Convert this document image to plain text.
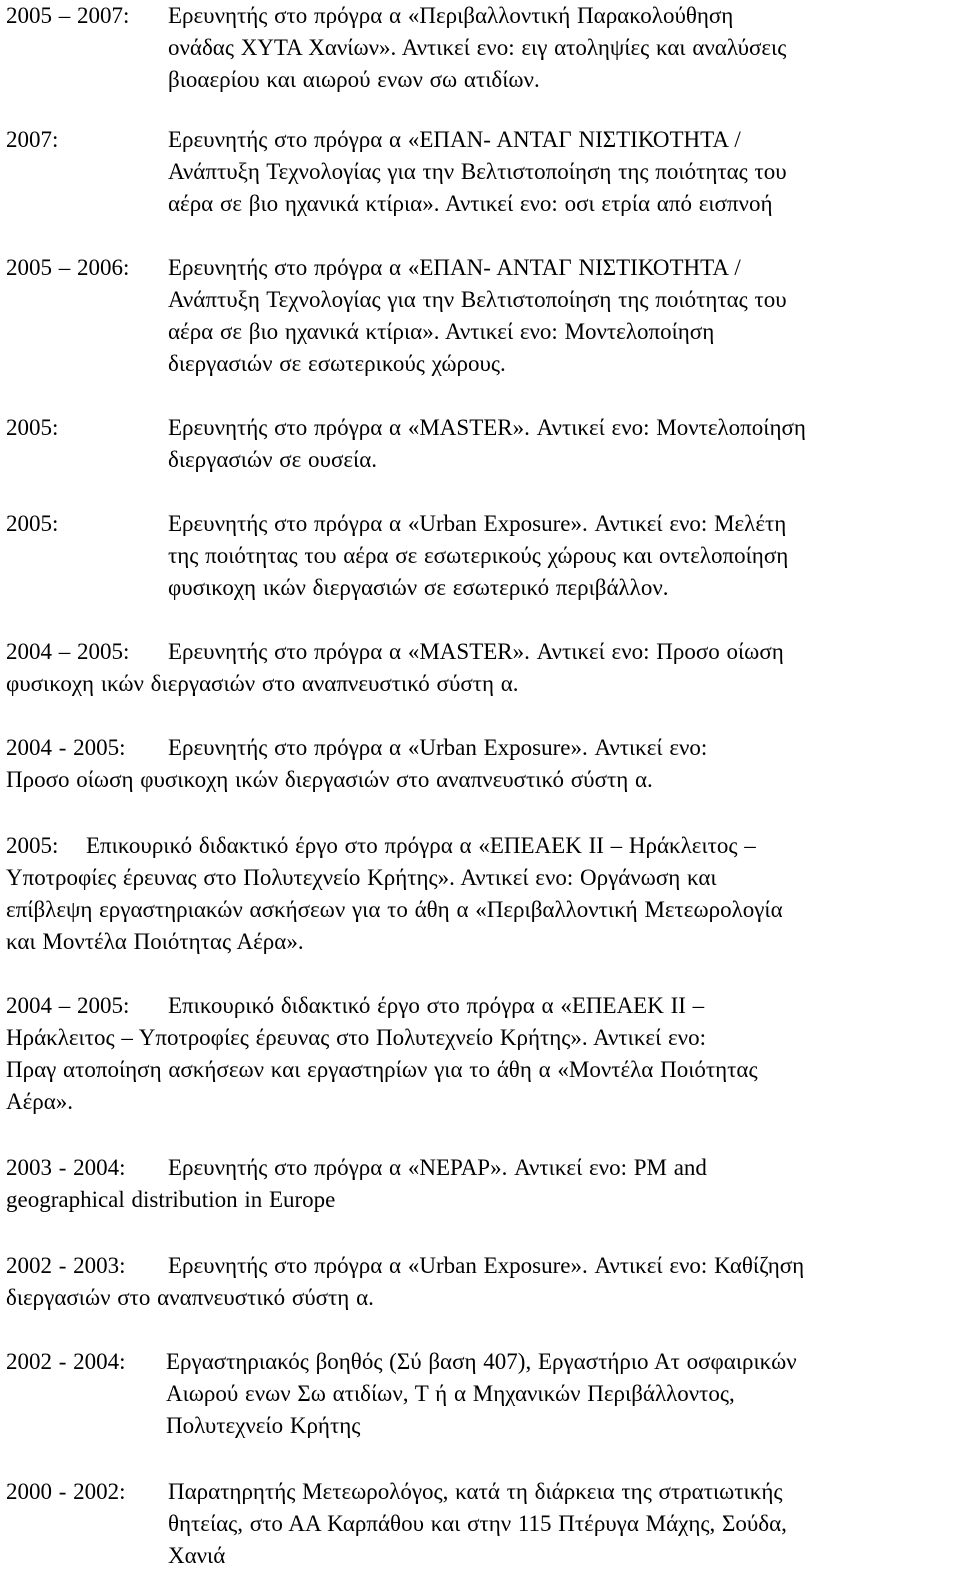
2005 – 2007: Ερευνητής στο πρόγρα α «Περιβαλλοντική Παρακολούθηση
ονάδας ΧΥΤΑ Χανίων». Αντικεί ενο: ειγ ατοληψίες και αναλύσεις
βιοαερίου και αιωρού ενων σω ατιδίων.
2007:	Ερευνητής στο πρόγρα α «ΕΠΑΝ- ΑΝΤΑΓ ΝΙΣΤΙΚΟΤΗΤΑ /
Ανάπτυξη Τεχνολογίας για την Βελτιστοποίηση της ποιότητας του
αέρα σε βιο ηχανικά κτίρια». Αντικεί ενο: οσι ετρία από εισπνοή
2005 – 2006: Ερευνητής στο πρόγρα α «ΕΠΑΝ- ΑΝΤΑΓ ΝΙΣΤΙΚΟΤΗΤΑ /
Ανάπτυξη Τεχνολογίας για την Βελτιστοποίηση της ποιότητας του
αέρα σε βιο ηχανικά κτίρια». Αντικεί ενο: Μοντελοποίηση
διεργασιών σε εσωτερικούς χώρους.
2005:	Ερευνητής στο πρόγρα α «MASTER». Αντικεί ενο: Μοντελοποίηση
διεργασιών σε ουσεία.
2005:	Ερευνητής στο πρόγρα α «Urban Exposure». Αντικεί ενο: Μελέτη
της ποιότητας του αέρα σε εσωτερικούς χώρους και οντελοποίηση
φυσικοχη ικών διεργασιών σε εσωτερικό περιβάλλον.
2004 – 2005: Ερευνητής στο πρόγρα α «MASTER». Αντικεί ενο: Προσο οίωση
φυσικοχη ικών διεργασιών στο αναπνευστικό σύστη α.
2004 - 2005: Ερευνητής στο πρόγρα α «Urban Exposure». Αντικεί ενο:
Προσο οίωση φυσικοχη ικών διεργασιών στο αναπνευστικό σύστη α.
2005: Επικουρικό διδακτικό έργο στο πρόγρα α «ΕΠΕΑΕΚ ΙΙ – Ηράκλειτος –
Υποτροφίες έρευνας στο Πολυτεχνείο Κρήτης». Αντικεί ενο: Οργάνωση και
επίβλεψη εργαστηριακών ασκήσεων για το άθη α «Περιβαλλοντική Μετεωρολογία
και Μοντέλα Ποιότητας Αέρα».
2004 – 2005: Επικουρικό διδακτικό έργο στο πρόγρα α «ΕΠΕΑΕΚ ΙΙ –
Ηράκλειτος – Υποτροφίες έρευνας στο Πολυτεχνείο Κρήτης». Αντικεί ενο:
Πραγ ατοποίηση ασκήσεων και εργαστηρίων για το άθη α «Μοντέλα Ποιότητας
Αέρα».
2003 - 2004: Ερευνητής στο πρόγρα α «NEPAP». Αντικεί ενο: PM and
geographical distribution in Europe
2002 - 2003: Ερευνητής στο πρόγρα α «Urban Exposure». Αντικεί ενο: Καθίζηση
διεργασιών στο αναπνευστικό σύστη α.
2002 - 2004: Εργαστηριακός βοηθός (Σύ βαση 407), Εργαστήριο Ατ οσφαιρικών
Αιωρού ενων Σω ατιδίων, Τ ή α Μηχανικών Περιβάλλοντος,
Πολυτεχνείο Κρήτης
2000 - 2002: Παρατηρητής Μετεωρολόγος, κατά τη διάρκεια της στρατιωτικής
θητείας, στο ΑΑ Καρπάθου και στην 115 Πτέρυγα Μάχης, Σούδα,
Χανιά
